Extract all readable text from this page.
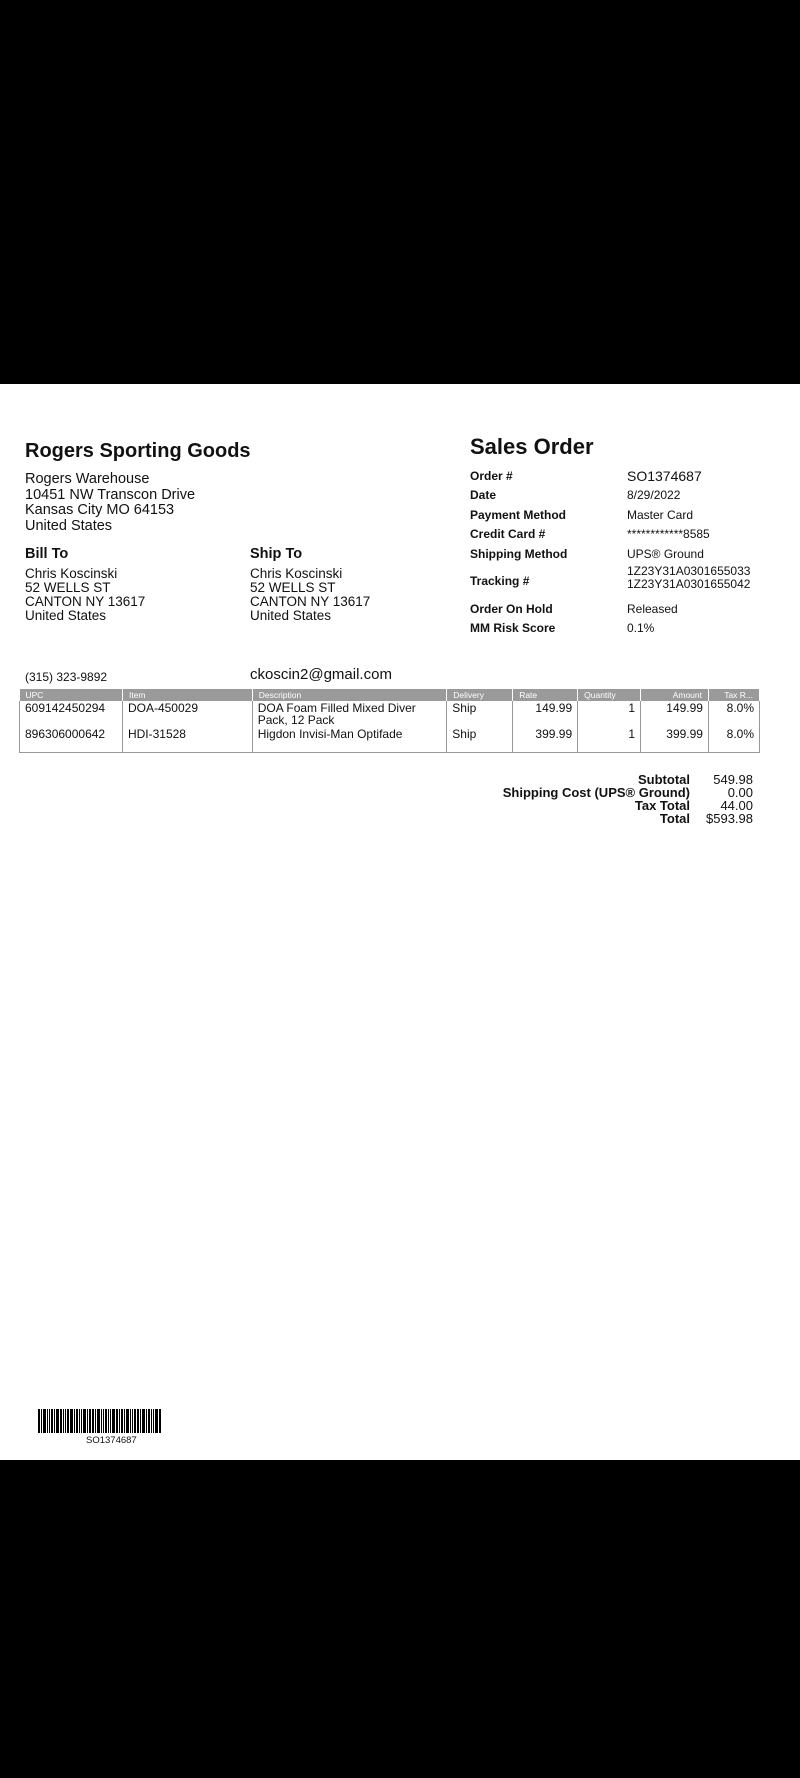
Rogers Sporting Goods
Rogers Warehouse
10451 NW Transcon Drive
Kansas City MO 64153
United States
Sales Order
Order #	SO1374687
Date	8/29/2022
Payment Method	Master Card
Credit Card #	************8585
Shipping Method	UPS® Ground
Tracking #
1Z23Y31A0301655033
1Z23Y31A0301655042
Order On Hold	Released
MM Risk Score	0.1%
Bill To
Chris Koscinski
52 WELLS ST
CANTON NY 13617
United States
Ship To
Chris Koscinski
52 WELLS ST
CANTON NY 13617
United States
(315) 323-9892	ckoscin2@gmail.com
UPC	Item	Description	Delivery	Rate	Quantity	Amount	Tax R...
609142450294	DOA-450029	DOA Foam Filled Mixed Diver
Pack, 12 Pack	Ship	149.99	1	149.99	8.0%
896306000642	HDI-31528	Higdon Invisi-Man Optifade	Ship	399.99	1	399.99	8.0%
Subtotal 549.98
Shipping Cost (UPS® Ground)	0.00
Tax Total 44.00
Total $593.98
SO1374687
